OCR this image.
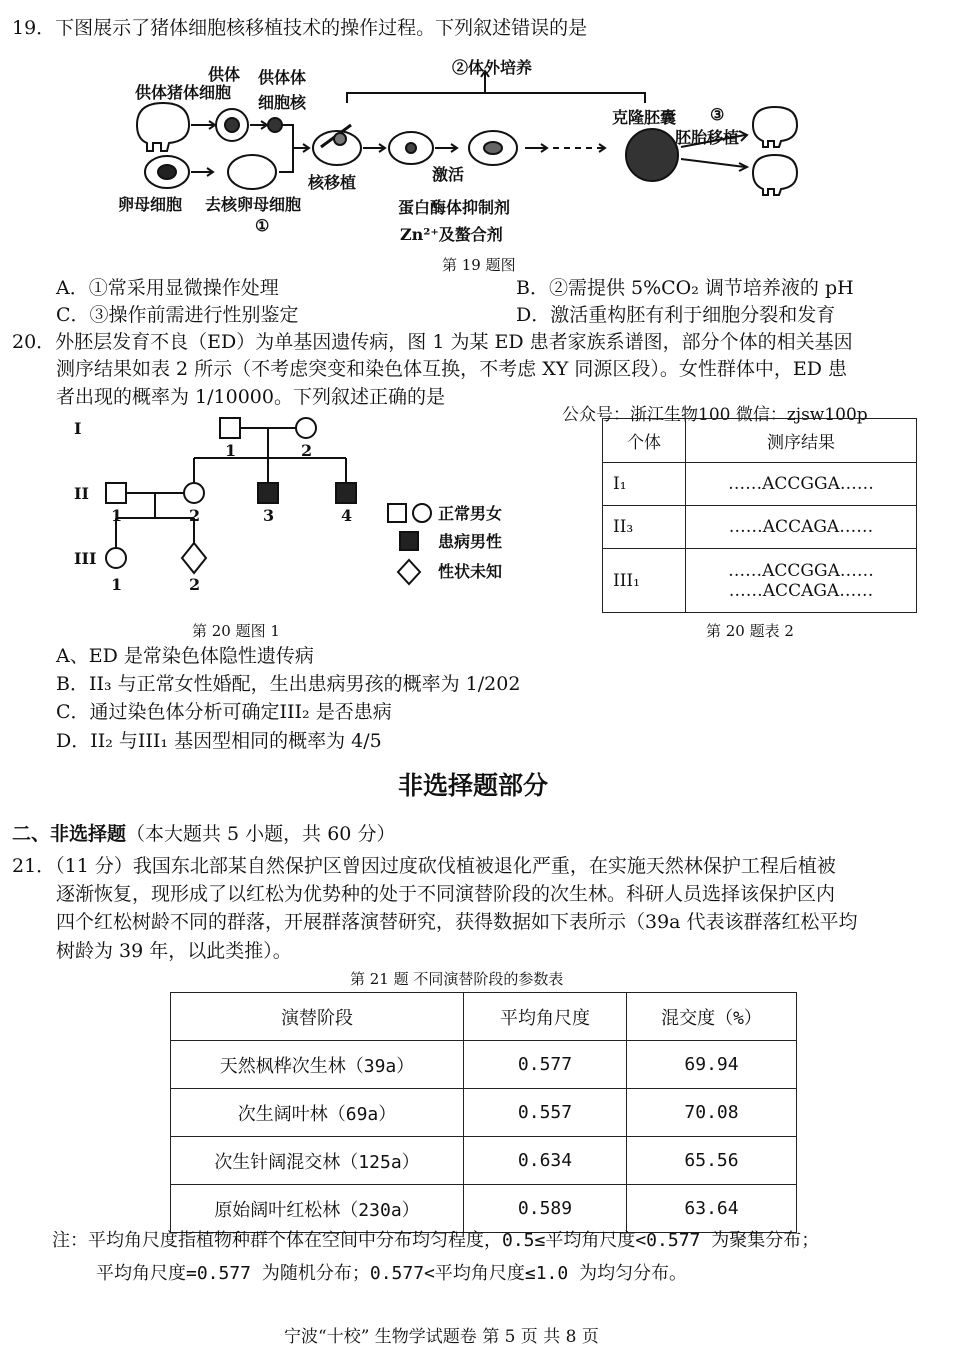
19．下图展示了猪体细胞核移植技术的操作过程。下列叙述错误的是
供体 供体体
供体猪体细胞
细胞核
②体外培养
克隆胚囊 ③
胚胎移植
卵母细胞 去核卵母细胞
①
核移植	激活
蛋白酶体抑制剂
Zn²⁺及螯合剂
第 19 题图
A．①常采用显微操作处理	B．②需提供 5%CO₂ 调节培养液的 pH
C．③操作前需进行性别鉴定	D．激活重构胚有利于细胞分裂和发育
20．外胚层发育不良（ED）为单基因遗传病，图 1 为某 ED 患者家族系谱图，部分个体的相关基因
测序结果如表 2 所示（不考虑突变和染色体互换，不考虑 XY 同源区段）。女性群体中，ED 患
者出现的概率为 1/10000。下列叙述正确的是
公众号：浙江生物100 微信：zjsw100p
I
II
III
1	2
1	2	3	4
1	2
正常男女
患病男性
性状未知
第 20 题图 1
个体	测序结果
I₁	……ACCGGA……
II₃	……ACCAGA……
III₁	……ACCGGA……
……ACCAGA……
第 20 题表 2
A、ED 是常染色体隐性遗传病
B．II₃ 与正常女性婚配，生出患病男孩的概率为 1/202
C．通过染色体分析可确定III₂ 是否患病
D．II₂ 与III₁ 基因型相同的概率为 4/5
非选择题部分
二、非选择题（本大题共 5 小题，共 60 分）
21．（11 分）我国东北部某自然保护区曾因过度砍伐植被退化严重，在实施天然林保护工程后植被
逐渐恢复，现形成了以红松为优势种的处于不同演替阶段的次生林。科研人员选择该保护区内
四个红松树龄不同的群落，开展群落演替研究，获得数据如下表所示（39a 代表该群落红松平均
树龄为 39 年，以此类推）。
第 21 题 不同演替阶段的参数表
演替阶段	平均角尺度	混交度（%）
天然枫桦次生林（39a）	0.577	69.94
次生阔叶林（69a）	0.557	70.08
次生针阔混交林（125a）	0.634	65.56
原始阔叶红松林（230a）	0.589	63.64
注：平均角尺度指植物种群个体在空间中分布均匀程度，0.5≤平均角尺度<0.577 为聚集分布；
平均角尺度=0.577 为随机分布；0.577<平均角尺度≤1.0 为均匀分布。
宁波“十校” 生物学试题卷 第 5 页 共 8 页
